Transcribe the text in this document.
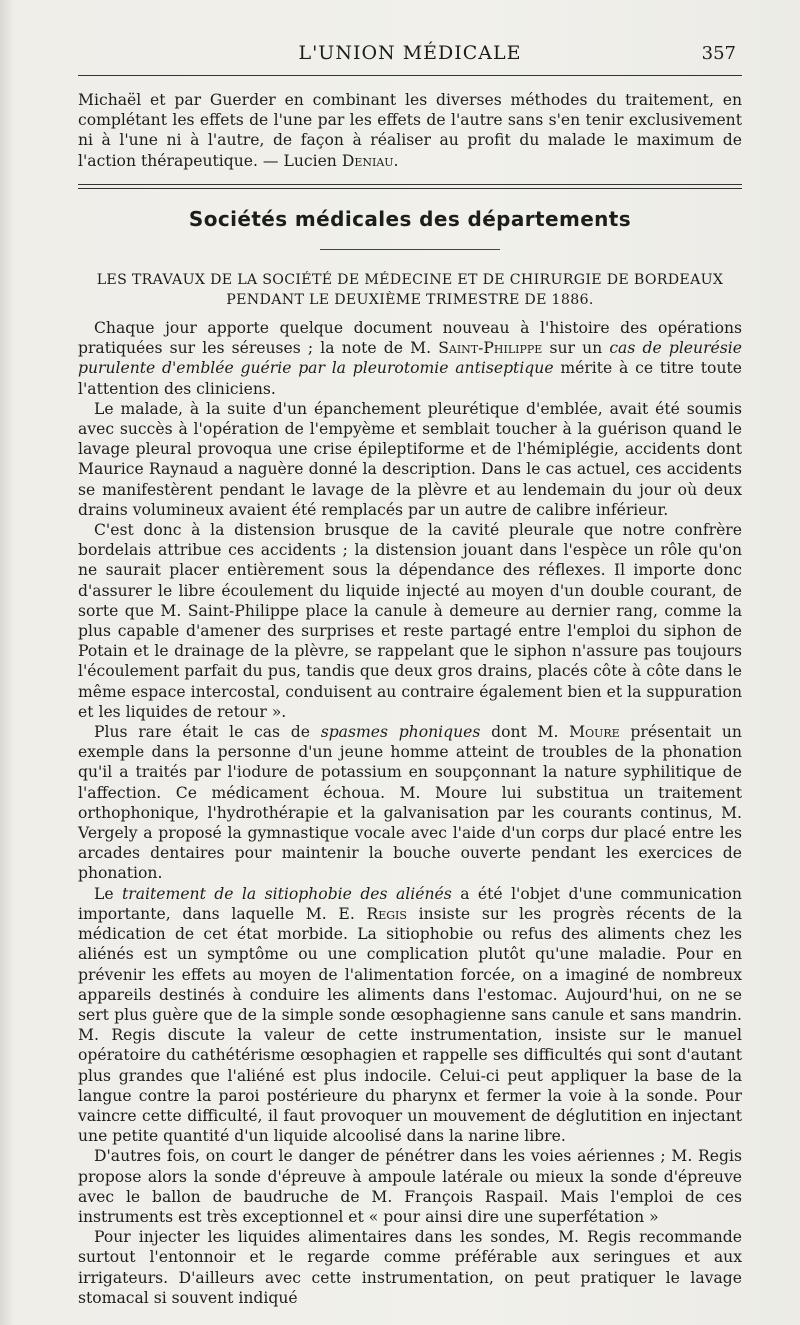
L'UNION MÉDICALE	357

Michaël et par Guerder en combinant les diverses méthodes du traitement, en complétant les effets de l'une par les effets de l'autre sans s'en tenir exclusivement ni à l'une ni à l'autre, de façon à réaliser au profit du malade le maximum de l'action thérapeutique. — Lucien Deniau.

Sociétés médicales des départements
LES TRAVAUX DE LA SOCIÉTÉ DE MÉDECINE ET DE CHIRURGIE DE BORDEAUX
PENDANT LE DEUXIÈME TRIMESTRE DE 1886.

Chaque jour apporte quelque document nouveau à l'histoire des opérations pratiquées sur les séreuses ; la note de M. Saint-Philippe sur un cas de pleurésie purulente d'emblée guérie par la pleurotomie antiseptique mérite à ce titre toute l'attention des cliniciens.

Le malade, à la suite d'un épanchement pleurétique d'emblée, avait été soumis avec succès à l'opération de l'empyème et semblait toucher à la guérison quand le lavage pleural provoqua une crise épileptiforme et de l'hémiplégie, accidents dont Maurice Raynaud a naguère donné la description. Dans le cas actuel, ces accidents se manifestèrent pendant le lavage de la plèvre et au lendemain du jour où deux drains volumineux avaient été remplacés par un autre de calibre inférieur.

C'est donc à la distension brusque de la cavité pleurale que notre confrère bordelais attribue ces accidents ; la distension jouant dans l'espèce un rôle qu'on ne saurait placer entièrement sous la dépendance des réflexes. Il importe donc d'assurer le libre écoulement du liquide injecté au moyen d'un double courant, de sorte que M. Saint-Philippe place la canule à demeure au dernier rang, comme la plus capable d'amener des surprises et reste partagé entre l'emploi du siphon de Potain et le drainage de la plèvre, se rappelant que le siphon n'assure pas toujours l'écoulement parfait du pus, tandis que deux gros drains, placés côte à côte dans le même espace intercostal, conduisent au contraire également bien et la suppuration et les liquides de retour ».

Plus rare était le cas de spasmes phoniques dont M. Moure présentait un exemple dans la personne d'un jeune homme atteint de troubles de la phonation qu'il a traités par l'iodure de potassium en soupçonnant la nature syphilitique de l'affection. Ce médicament échoua. M. Moure lui substitua un traitement orthophonique, l'hydrothérapie et la galvanisation par les courants continus, M. Vergely a proposé la gymnastique vocale avec l'aide d'un corps dur placé entre les arcades dentaires pour maintenir la bouche ouverte pendant les exercices de phonation.

Le traitement de la sitiophobie des aliénés a été l'objet d'une communication importante, dans laquelle M. E. Regis insiste sur les progrès récents de la médication de cet état morbide. La sitiophobie ou refus des aliments chez les aliénés est un symptôme ou une complication plutôt qu'une maladie. Pour en prévenir les effets au moyen de l'alimentation forcée, on a imaginé de nombreux appareils destinés à conduire les aliments dans l'estomac. Aujourd'hui, on ne se sert plus guère que de la simple sonde œsophagienne sans canule et sans mandrin. M. Regis discute la valeur de cette instrumentation, insiste sur le manuel opératoire du cathétérisme œsophagien et rappelle ses difficultés qui sont d'autant plus grandes que l'aliéné est plus indocile. Celui-ci peut appliquer la base de la langue contre la paroi postérieure du pharynx et fermer la voie à la sonde. Pour vaincre cette difficulté, il faut provoquer un mouvement de déglutition en injectant une petite quantité d'un liquide alcoolisé dans la narine libre.

D'autres fois, on court le danger de pénétrer dans les voies aériennes ; M. Regis propose alors la sonde d'épreuve à ampoule latérale ou mieux la sonde d'épreuve avec le ballon de baudruche de M. François Raspail. Mais l'emploi de ces instruments est très exceptionnel et « pour ainsi dire une superfétation »

Pour injecter les liquides alimentaires dans les sondes, M. Regis recommande surtout l'entonnoir et le regarde comme préférable aux seringues et aux irrigateurs. D'ailleurs avec cette instrumentation, on peut pratiquer le lavage stomacal si souvent indiqué
